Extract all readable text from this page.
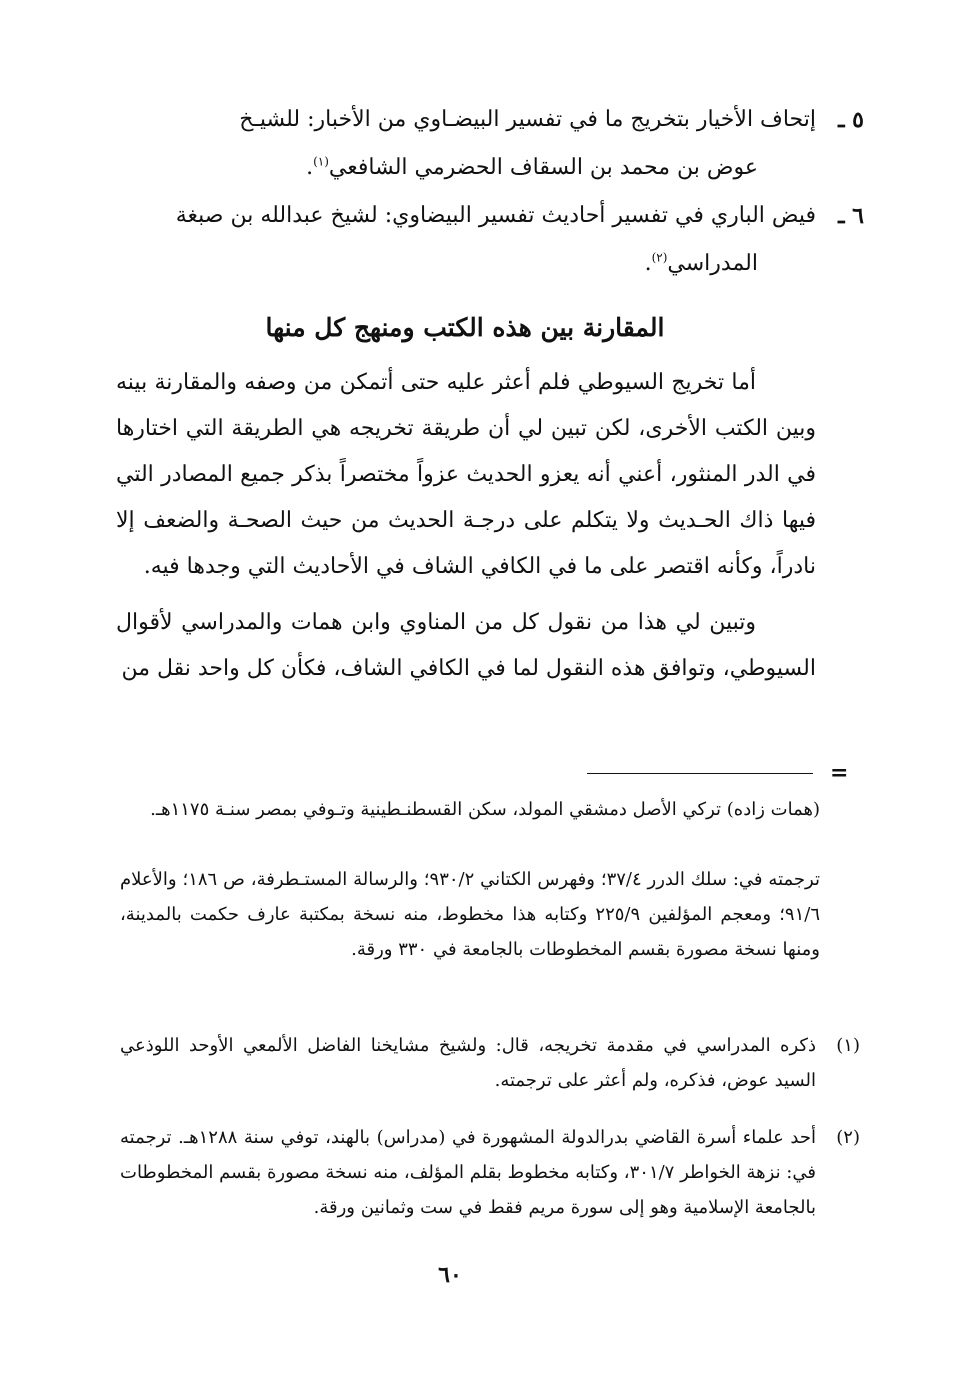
٥ ـ
إتحاف الأخيار بتخريج ما في تفسير البيضـاوي من الأخبار: للشيـخ
عوض بن محمد بن السقاف الحضرمي الشافعي$^{(١)}$.
٦ ـ
فيض الباري في تفسير أحاديث تفسير البيضاوي: لشيخ عبدالله بن صبغة
المدراسي$^{(٢)}$.
المقارنة بين هذه الكتب ومنهج كل منها

أما تخريج السيوطي فلم أعثر عليه حتى أتمكن من وصفه والمقارنة بينه وبين الكتب الأخرى، لكن تبين لي أن طريقة تخريجه هي الطريقة التي اختارها في الدر المنثور، أعني أنه يعزو الحديث عزواً مختصراً بذكر جميع المصادر التي فيها ذاك الحـديث ولا يتكلم على درجـة الحديث من حيث الصحـة والضعف إلا نادراً، وكأنه اقتصر على ما في الكافي الشاف في الأحاديث التي وجدها فيه.

وتبين لي هذا من نقول كل من المناوي وابن همات والمدراسي لأقوال السيوطي، وتوافق هذه النقول لما في الكافي الشاف، فكأن كل واحد نقل من

=
(همات زاده) تركي الأصل دمشقي المولد، سكن القسطنـطينية وتـوفي بمصر سنـة ١١٧٥هـ.
ترجمته في: سلك الدرر ٣٧/٤؛ وفهرس الكتاني ٩٣٠/٢؛ والرسالة المستـطرفة، ص ١٨٦؛ والأعلام ٩١/٦؛ ومعجم المؤلفين ٢٢٥/٩ وكتابه هذا مخطوط، منه نسخة بمكتبة عارف حكمت بالمدينة، ومنها نسخة مصورة بقسم المخطوطات بالجامعة في ٣٣٠ ورقة.
(١)
ذكره المدراسي في مقدمة تخريجه، قال: ولشيخ مشايخنا الفاضل الألمعي الأوحد اللوذعي السيد عوض، فذكره، ولم أعثر على ترجمته.
(٢)
أحد علماء أسرة القاضي بدرالدولة المشهورة في (مدراس) بالهند، توفي سنة ١٢٨٨هـ. ترجمته في: نزهة الخواطر ٣٠١/٧، وكتابه مخطوط بقلم المؤلف، منه نسخة مصورة بقسم المخطوطات بالجامعة الإسلامية وهو إلى سورة مريم فقط في ست وثمانين ورقة.
٦٠
